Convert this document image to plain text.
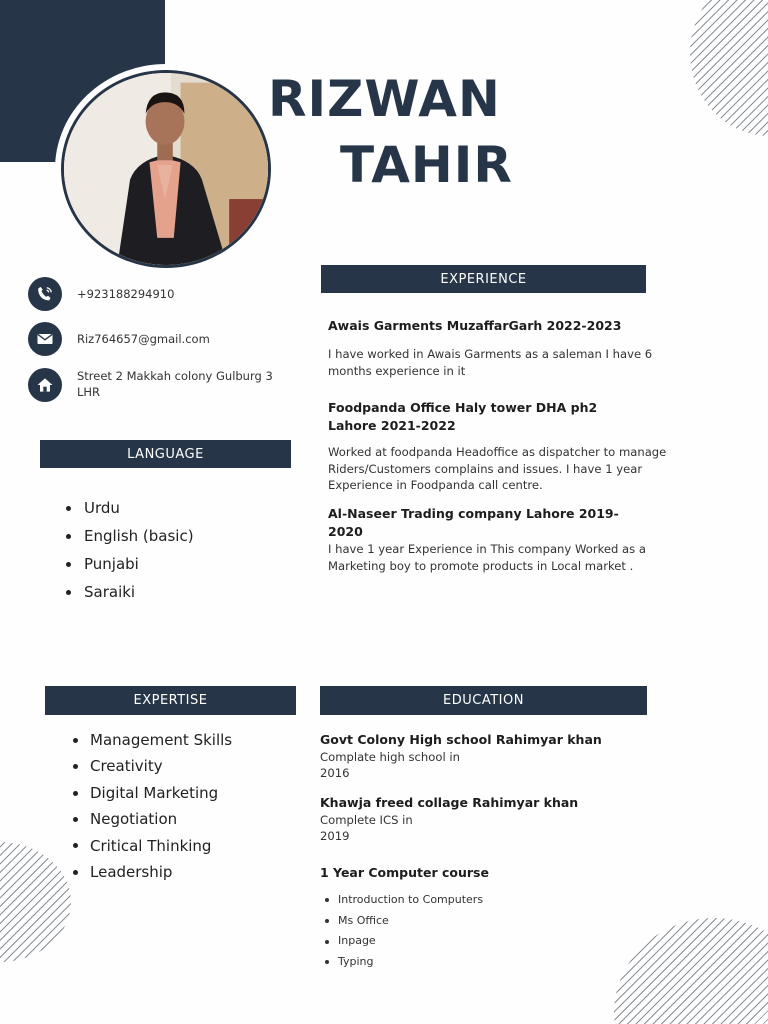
RIZWAN
TAHIR
+923188294910
Riz764657@gmail.com
Street 2 Makkah colony Gulburg 3 LHR
EXPERIENCE
LANGUAGE
EXPERTISE	EDUCATION
Urdu
English (basic)
Punjabi
Saraiki
Management Skills
Creativity
Digital Marketing
Negotiation
Critical Thinking
Leadership
Awais Garments MuzaffarGarh 2022-2023
I have worked in Awais Garments as a saleman I have 6 months experience in it
Foodpanda Office Haly tower DHA ph2 Lahore 2021-2022
Worked at foodpanda Headoffice as dispatcher to manage Riders/Customers complains and issues. I have 1 year Experience in Foodpanda call centre.
Al-Naseer Trading company Lahore 2019-2020
I have 1 year Experience in This company Worked as a Marketing boy to promote products in Local market .
Govt Colony High school Rahimyar khan
Complate high school in
2016
Khawja freed collage Rahimyar khan
Complete ICS in
2019
1 Year Computer course
Introduction to Computers
Ms Office
Inpage
Typing
